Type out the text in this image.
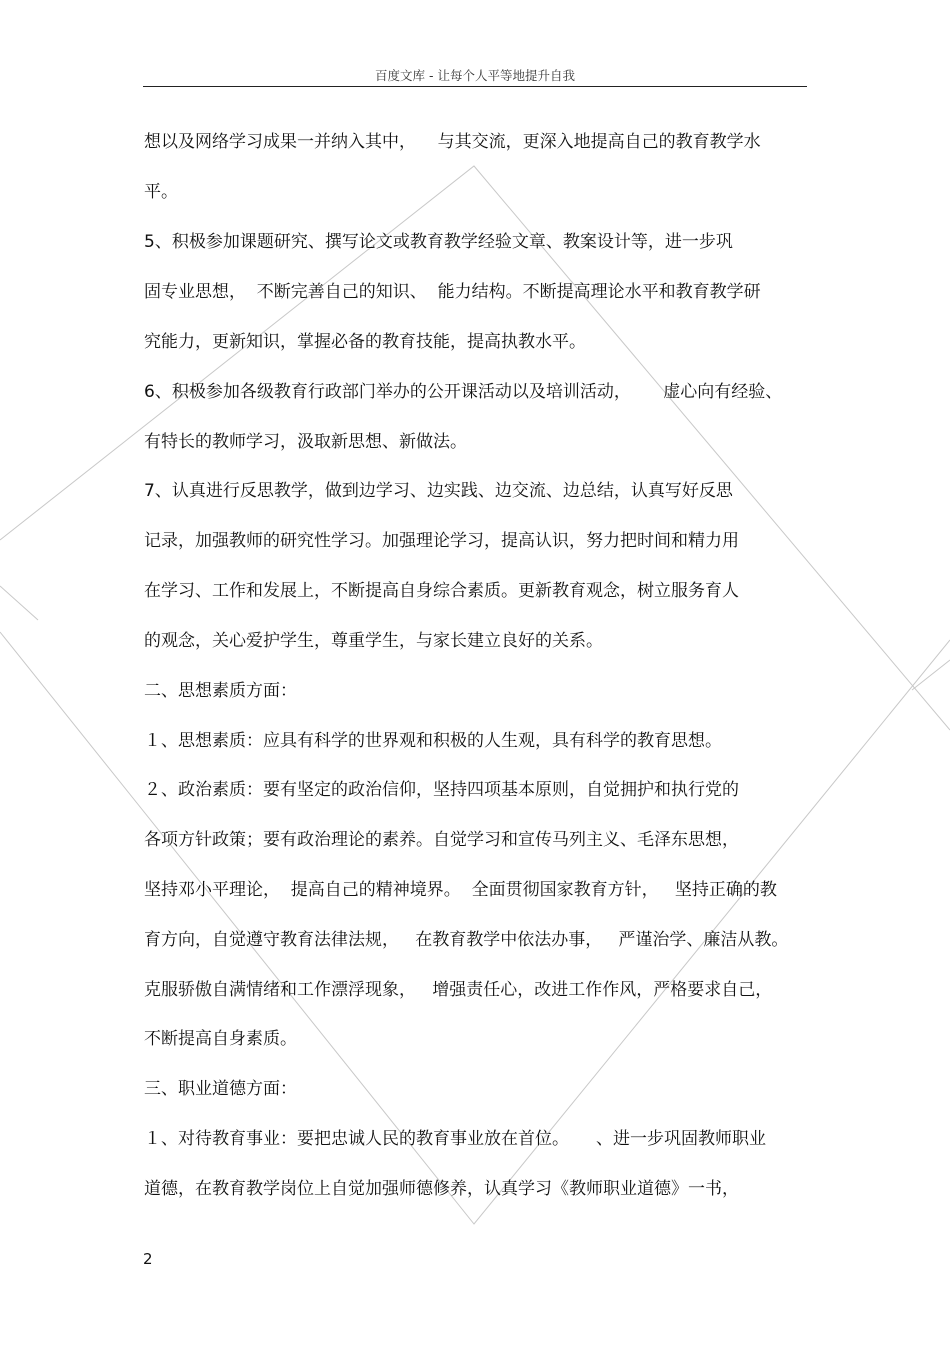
百度文库 - 让每个人平等地提升自我
想以及网络学习成果一并纳入其中，    与其交流，更深入地提高自己的教育教学水
平。
5、积极参加课题研究、撰写论文或教育教学经验文章、教案设计等，进一步巩
固专业思想，  不断完善自己的知识、  能力结构。不断提高理论水平和教育教学研
究能力，更新知识，掌握必备的教育技能，提高执教水平。
6、积极参加各级教育行政部门举办的公开课活动以及培训活动，      虚心向有经验、
有特长的教师学习，汲取新思想、新做法。
7、认真进行反思教学，做到边学习、边实践、边交流、边总结，认真写好反思
记录，加强教师的研究性学习。加强理论学习，提高认识，努力把时间和精力用
在学习、工作和发展上，不断提高自身综合素质。更新教育观念，树立服务育人
的观念，关心爱护学生，尊重学生，与家长建立良好的关系。
二、思想素质方面：
１、思想素质：应具有科学的世界观和积极的人生观，具有科学的教育思想。
２、政治素质：要有坚定的政治信仰，坚持四项基本原则，自觉拥护和执行党的
各项方针政策；要有政治理论的素养。自觉学习和宣传马列主义、毛泽东思想，
坚持邓小平理论，  提高自己的精神境界。  全面贯彻国家教育方针，   坚持正确的教
育方向，自觉遵守教育法律法规，   在教育教学中依法办事，   严谨治学、廉洁从教。
克服骄傲自满情绪和工作漂浮现象，   增强责任心，改进工作作风，严格要求自己，
不断提高自身素质。
三、职业道德方面：
１、对待教育事业：要把忠诚人民的教育事业放在首位。     、进一步巩固教师职业
道德，在教育教学岗位上自觉加强师德修养，认真学习《教师职业道德》一书，
2
